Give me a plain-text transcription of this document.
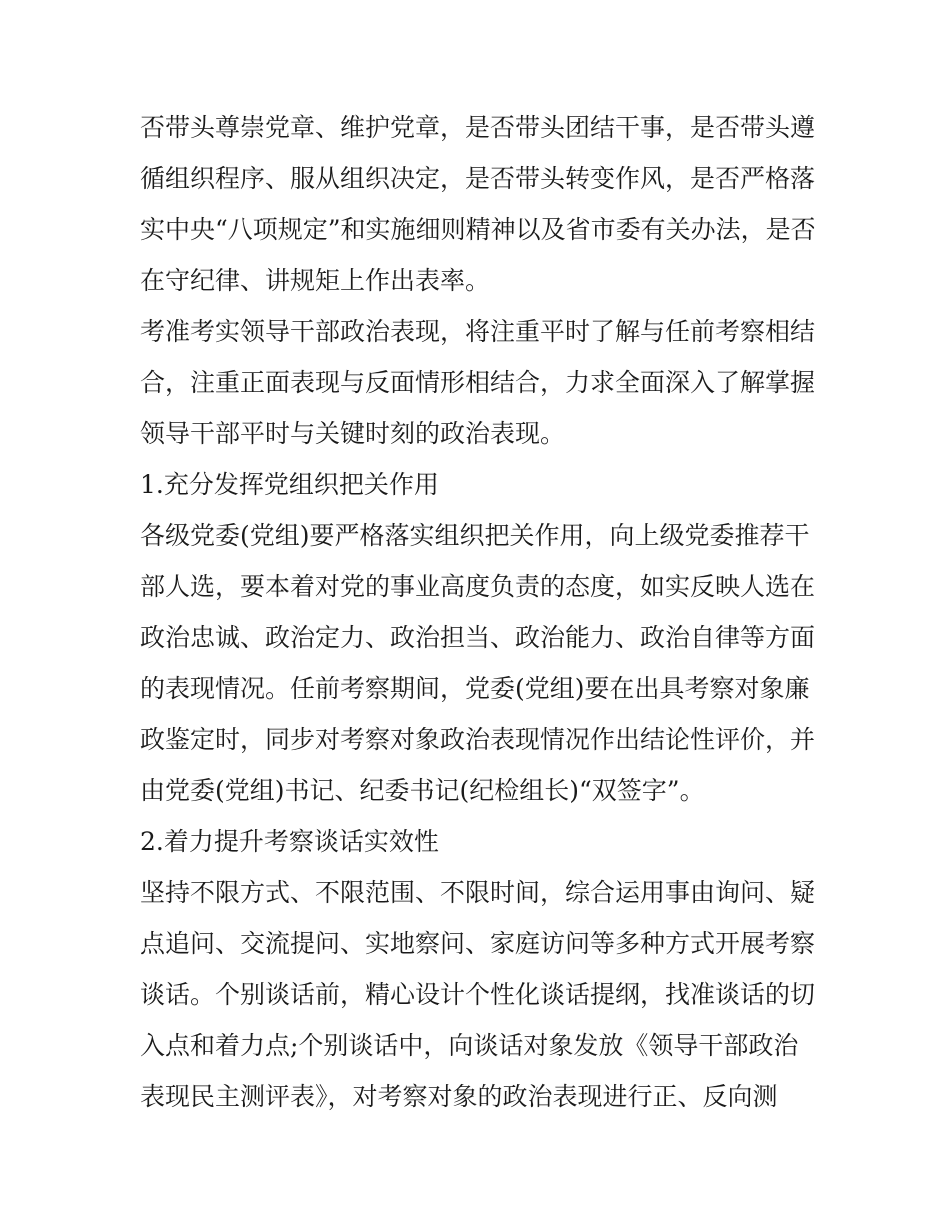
否带头尊崇党章、维护党章，是否带头团结干事，是否带头遵
循组织程序、服从组织决定，是否带头转变作风，是否严格落
实中央“八项规定”和实施细则精神以及省市委有关办法，是否
在守纪律、讲规矩上作出表率。
考准考实领导干部政治表现，将注重平时了解与任前考察相结
合，注重正面表现与反面情形相结合，力求全面深入了解掌握
领导干部平时与关键时刻的政治表现。
1.充分发挥党组织把关作用
各级党委(党组)要严格落实组织把关作用，向上级党委推荐干
部人选，要本着对党的事业高度负责的态度，如实反映人选在
政治忠诚、政治定力、政治担当、政治能力、政治自律等方面
的表现情况。任前考察期间，党委(党组)要在出具考察对象廉
政鉴定时，同步对考察对象政治表现情况作出结论性评价，并
由党委(党组)书记、纪委书记(纪检组长)“双签字”。
2.着力提升考察谈话实效性
坚持不限方式、不限范围、不限时间，综合运用事由询问、疑
点追问、交流提问、实地察问、家庭访问等多种方式开展考察
谈话。个别谈话前，精心设计个性化谈话提纲，找准谈话的切
入点和着力点;个别谈话中，向谈话对象发放《领导干部政治
表现民主测评表》，对考察对象的政治表现进行正、反向测
